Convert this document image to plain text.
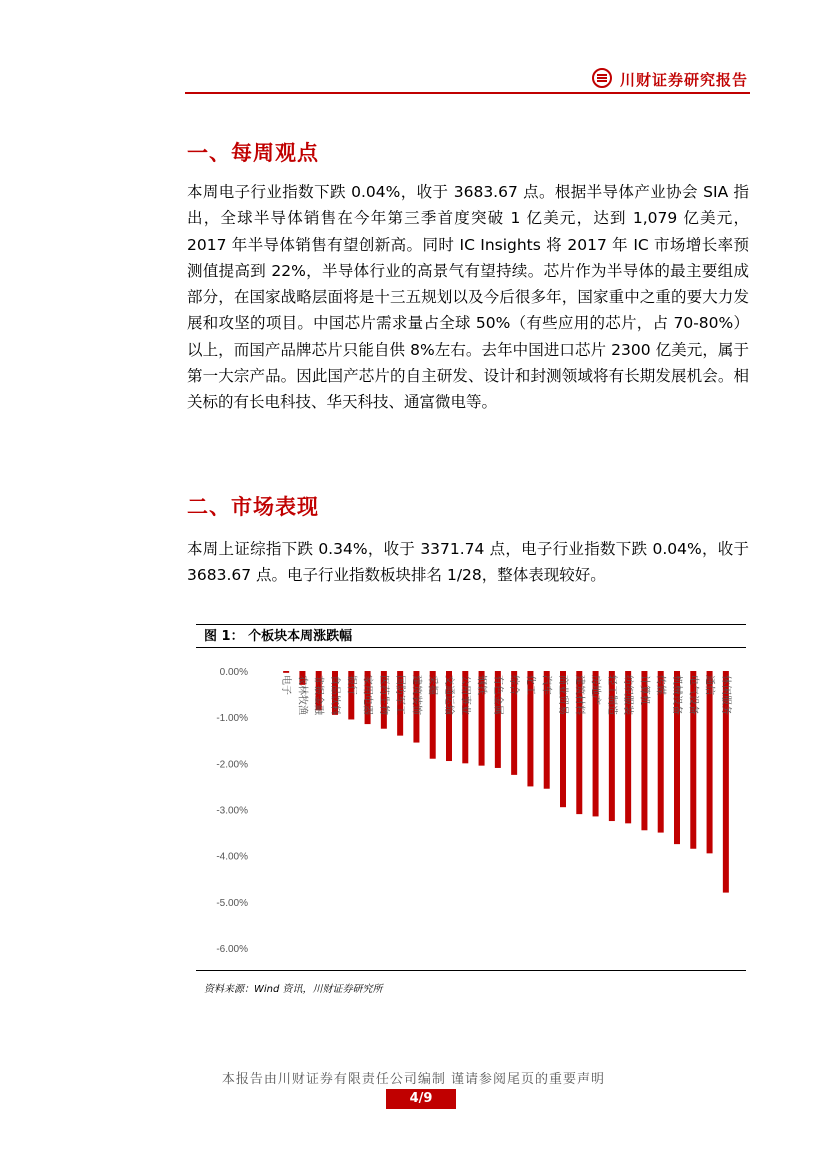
川财证券研究报告
一、每周观点
本周电子行业指数下跌 0.04%，收于 3683.67 点。根据半导体产业协会 SIA 指出，全球半导体销售在今年第三季首度突破 1 亿美元，达到 1,079 亿美元，2017 年半导体销售有望创新高。同时 IC Insights 将 2017 年 IC 市场增长率预测值提高到 22%，半导体行业的高景气有望持续。芯片作为半导体的最主要组成部分，在国家战略层面将是十三五规划以及今后很多年，国家重中之重的要大力发展和攻坚的项目。中国芯片需求量占全球 50%（有些应用的芯片，占 70-80%）以上，而国产品牌芯片只能自供 8%左右。去年中国进口芯片 2300 亿美元，属于第一大宗产品。因此国产芯片的自主研发、设计和封测领域将有长期发展机会。相关标的有长电科技、华天科技、通富微电等。
二、市场表现
本周上证综指下跌 0.34%，收于 3371.74 点，电子行业指数下跌 0.04%，收于 3683.67 点。电子行业指数板块排名 1/28，整体表现较好。
图 1： 个板块本周涨跌幅
0.00%
-1.00%
-2.00%
-3.00%
-4.00%
-5.00%
-6.00%
电子 农林牧渔 非银金融 食品饮料 银行 家用电器 医药生物 国防军工 建筑装饰 采掘 交通运输 公用事业 钢铁 有色金属 综合 化工 汽车 商业贸易 建筑材料 房地产 轻工制造 纺织服装 计算机 传媒 机械设备 电气设备 通信 休闲服务
资料来源：Wind 资讯，川财证券研究所
本报告由川财证券有限责任公司编制 谨请参阅尾页的重要声明
4/9
